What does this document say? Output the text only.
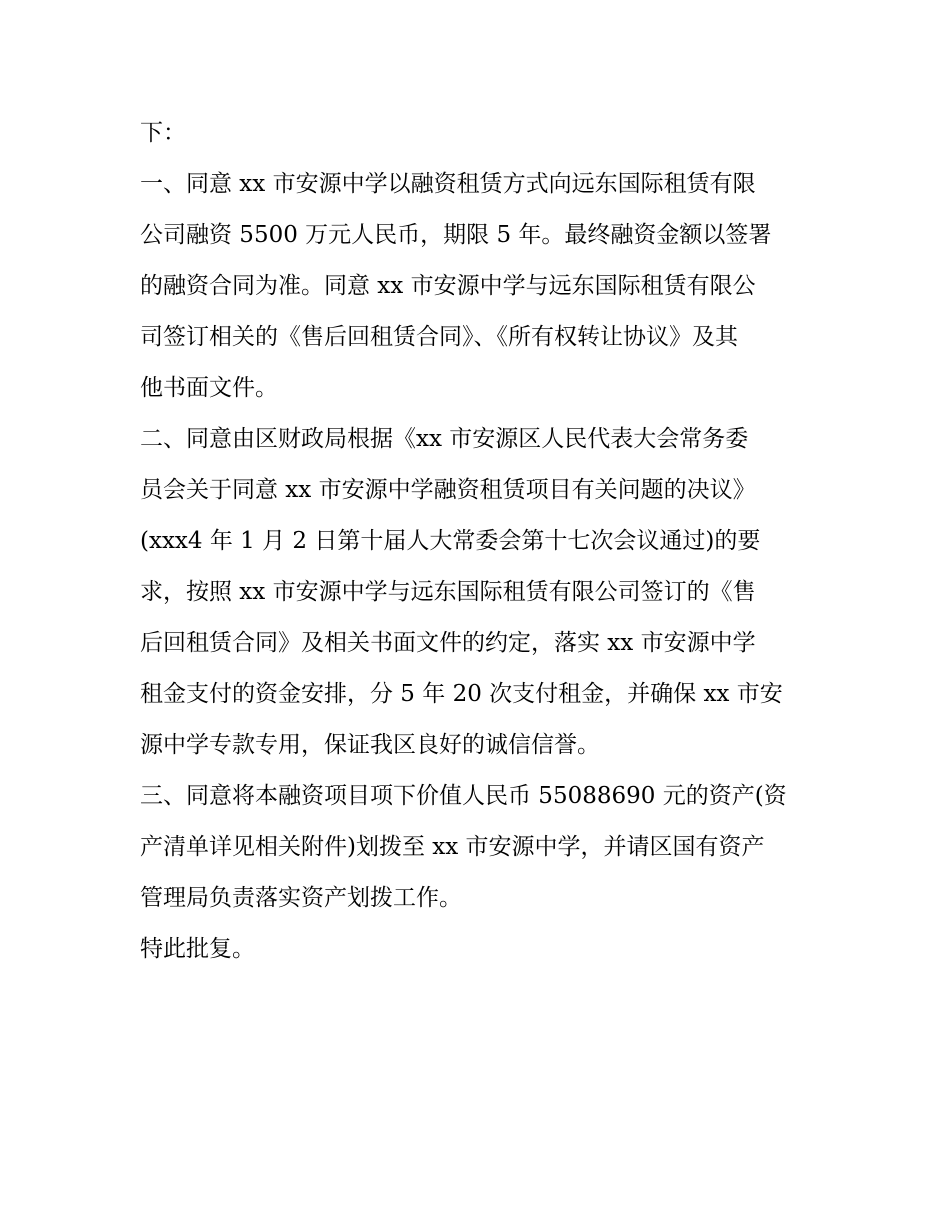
下：
一、同意 xx 市安源中学以融资租赁方式向远东国际租赁有限
公司融资 5500 万元人民币，期限 5 年。最终融资金额以签署
的融资合同为准。同意 xx 市安源中学与远东国际租赁有限公
司签订相关的《售后回租赁合同》、《所有权转让协议》及其
他书面文件。
二、同意由区财政局根据《xx 市安源区人民代表大会常务委
员会关于同意 xx 市安源中学融资租赁项目有关问题的决议》
(xxx4 年 1 月 2 日第十届人大常委会第十七次会议通过)的要
求，按照 xx 市安源中学与远东国际租赁有限公司签订的《售
后回租赁合同》及相关书面文件的约定，落实 xx 市安源中学
租金支付的资金安排，分 5 年 20 次支付租金，并确保 xx 市安
源中学专款专用，保证我区良好的诚信信誉。
三、同意将本融资项目项下价值人民币 55088690 元的资产(资
产清单详见相关附件)划拨至 xx 市安源中学，并请区国有资产
管理局负责落实资产划拨工作。
特此批复。
